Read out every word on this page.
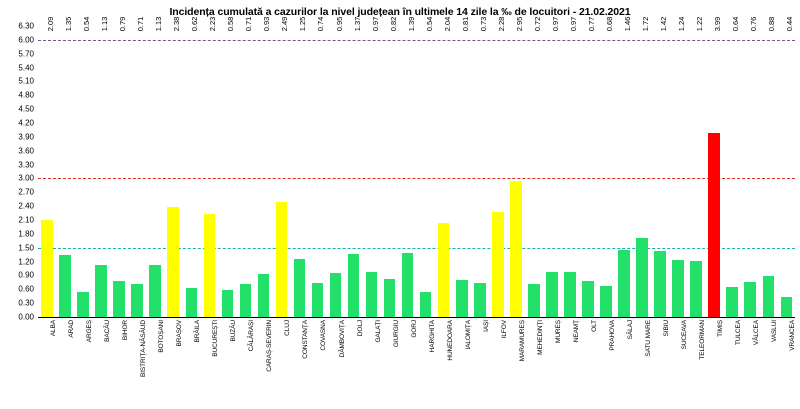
Incidența cumulată a cazurilor la nivel județean în ultimele 14 zile la ‰ de locuitori - 21.02.2021
6.30
6.00
5.70
5.40
5.10
4.80
4.50
4.20
3.90
3.60
3.30
3.00
2.70
2.40
2.10
1.80
1.50
1.20
0.90
0.60
0.30
0.00
2.09 1.35 0.54 1.13 0.79 0.71 1.13 2.38 0.62 2.23 0.58 0.71 0.93 2.49 1.25 0.74 0.95 1.37 0.97 0.82 1.39 0.54 2.04 0.81 0.73 2.28 2.95 0.72 0.97 0.97 0.77 0.68 1.46 1.72 1.42 1.24 1.22 3.99 0.64 0.76 0.88 0.44
ALBA ARAD ARGEȘ BACĂU BIHOR BISTRIȚA-NĂSĂUD BOTOȘANI BRAȘOV BRĂILA BUCUREȘTI BUZĂU CĂLĂRAȘI CARAȘ-SEVERIN CLUJ CONSTANȚA COVASNA DÂMBOVIȚA DOLJ GALAȚI GIURGIU GORJ HARGHITA HUNEDOARA IALOMIȚA IAȘI ILFOV MARAMUREȘ MEHEDINȚI MUREȘ NEAMȚ OLT PRAHOVA SĂLAJ SATU MARE SIBIU SUCEAVA TELEORMAN TIMIȘ TULCEA VÂLCEA VASLUI VRANCEA
